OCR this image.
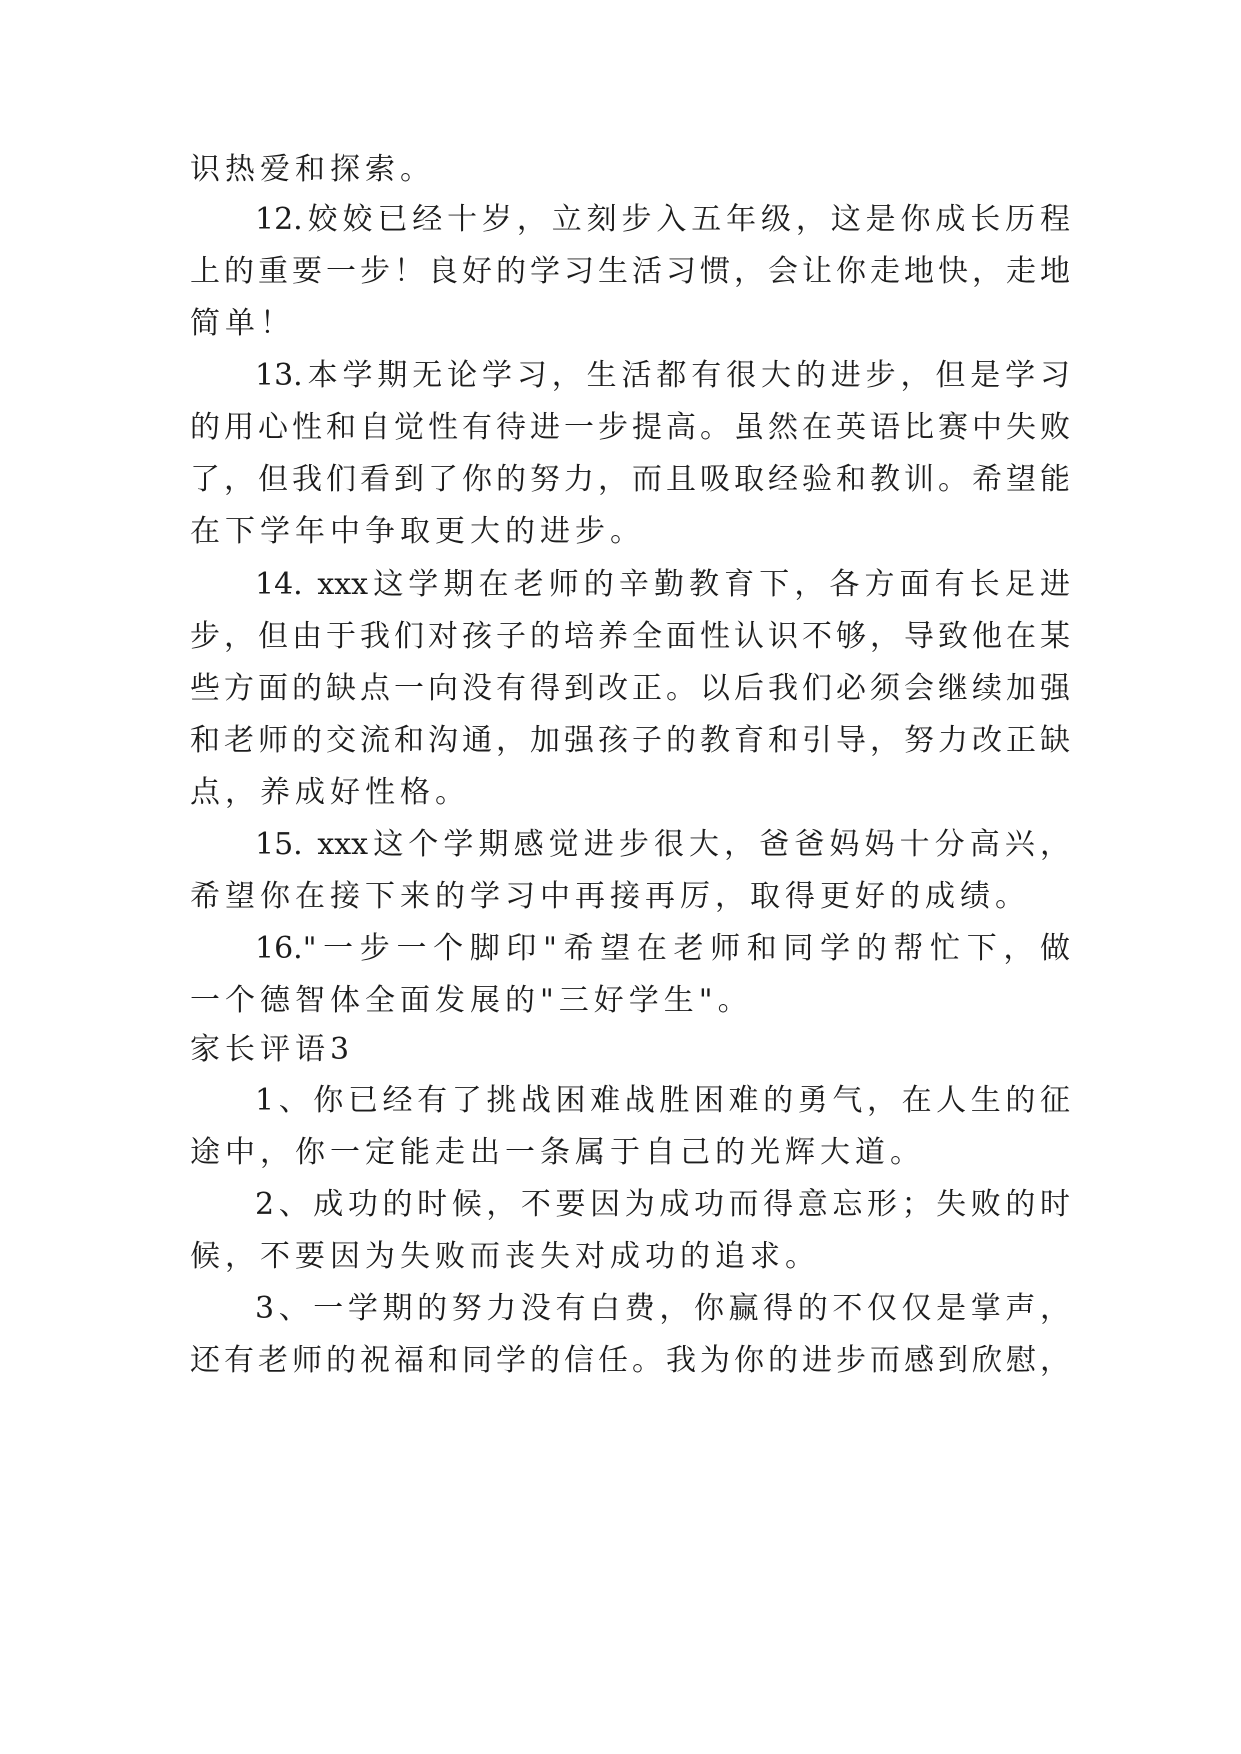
识热爱和探索。
12.姣姣已经十岁，立刻步入五年级，这是你成长历程
上的重要一步！良好的学习生活习惯，会让你走地快，走地
简单！
13.本学期无论学习，生活都有很大的进步，但是学习
的用心性和自觉性有待进一步提高。虽然在英语比赛中失败
了，但我们看到了你的努力，而且吸取经验和教训。希望能
在下学年中争取更大的进步。
14. xxx这学期在老师的辛勤教育下，各方面有长足进
步，但由于我们对孩子的培养全面性认识不够，导致他在某
些方面的缺点一向没有得到改正。以后我们必须会继续加强
和老师的交流和沟通，加强孩子的教育和引导，努力改正缺
点，养成好性格。
15. xxx这个学期感觉进步很大，爸爸妈妈十分高兴，
希望你在接下来的学习中再接再厉，取得更好的成绩。
16."一步一个脚印"希望在老师和同学的帮忙下，做
一个德智体全面发展的"三好学生"。
家长评语3
1、你已经有了挑战困难战胜困难的勇气，在人生的征
途中，你一定能走出一条属于自己的光辉大道。
2、成功的时候，不要因为成功而得意忘形；失败的时
候，不要因为失败而丧失对成功的追求。
3、一学期的努力没有白费，你赢得的不仅仅是掌声，
还有老师的祝福和同学的信任。我为你的进步而感到欣慰，
